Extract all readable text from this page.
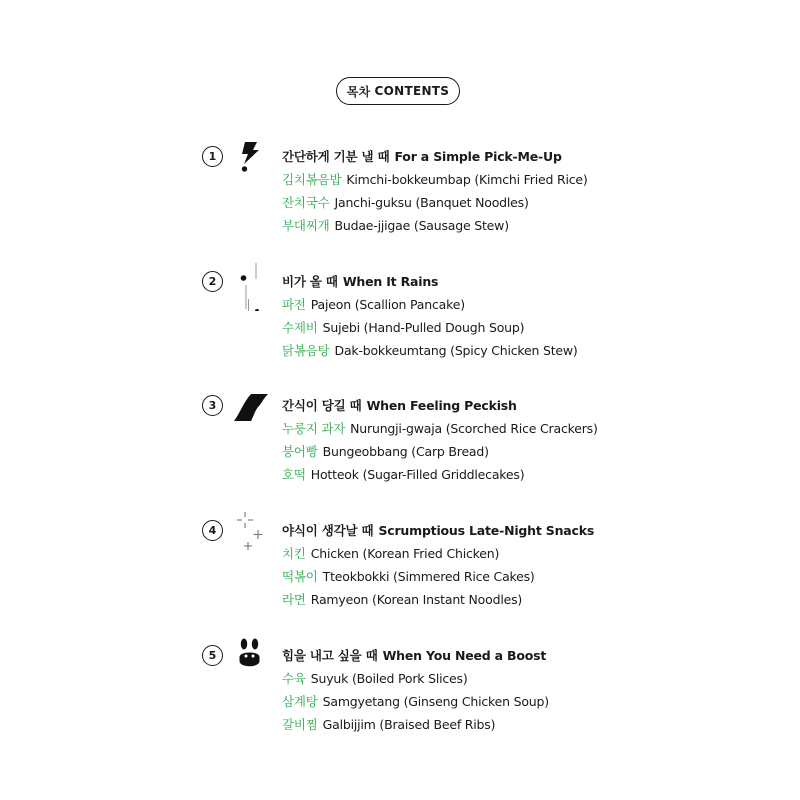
목차 CONTENTS
1	간단하게 기분 낼 때 For a Simple Pick-Me-Up
김치볶음밥 Kimchi-bokkeumbap (Kimchi Fried Rice)
잔치국수 Janchi-guksu (Banquet Noodles)
부대찌개 Budae-jjigae (Sausage Stew)
2	비가 올 때 When It Rains
파전 Pajeon (Scallion Pancake)
수제비 Sujebi (Hand-Pulled Dough Soup)
닭볶음탕 Dak-bokkeumtang (Spicy Chicken Stew)
3	간식이 당길 때 When Feeling Peckish
누룽지 과자 Nurungji-gwaja (Scorched Rice Crackers)
붕어빵 Bungeobbang (Carp Bread)
호떡 Hotteok (Sugar-Filled Griddlecakes)
4	야식이 생각날 때 Scrumptious Late-Night Snacks
치킨 Chicken (Korean Fried Chicken)
떡볶이 Tteokbokki (Simmered Rice Cakes)
라면 Ramyeon (Korean Instant Noodles)
5	힘을 내고 싶을 때 When You Need a Boost
수육 Suyuk (Boiled Pork Slices)
삼계탕 Samgyetang (Ginseng Chicken Soup)
갈비찜 Galbijjim (Braised Beef Ribs)
